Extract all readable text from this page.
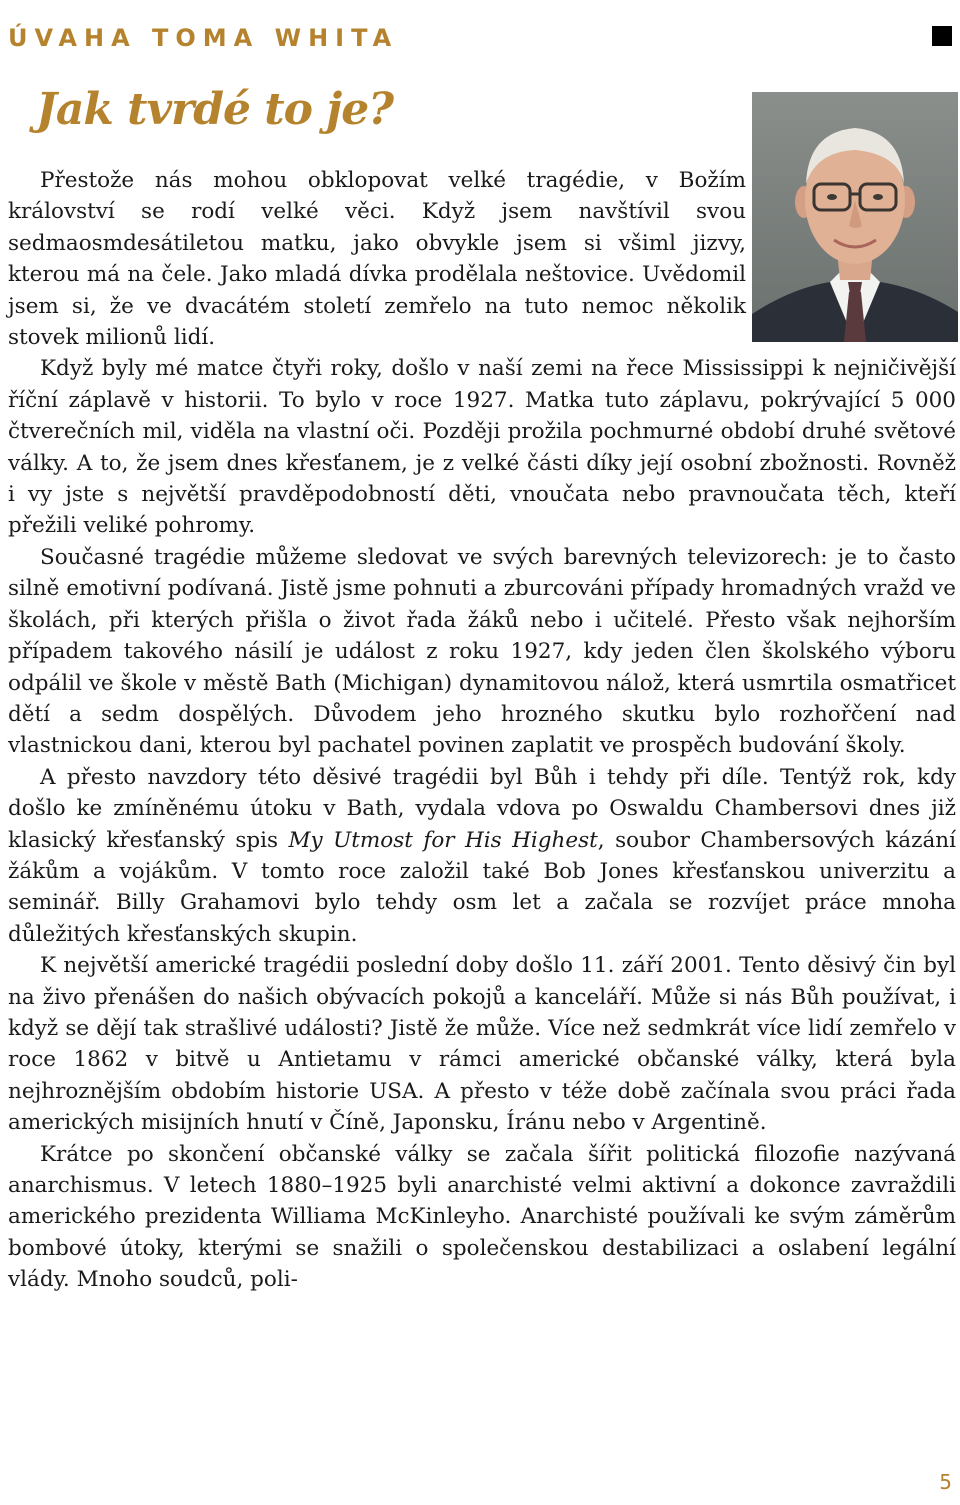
ÚVAHA TOMA WHITA
Jak tvrdé to je?

Přestože nás mohou obklopovat velké tragédie, v Božím království se rodí velké věci. Když jsem navštívil svou sedmaosmdesátiletou matku, jako obvykle jsem si všiml jizvy, kterou má na čele. Jako mladá dívka prodělala neštovice. Uvědomil jsem si, že ve dvacátém století zemřelo na tuto nemoc několik stovek milionů lidí.

Když byly mé matce čtyři roky, došlo v naší zemi na řece Mississippi k nejničivější říční záplavě v historii. To bylo v roce 1927. Matka tuto záplavu, pokrývající 5 000 čtverečních mil, viděla na vlastní oči. Později prožila pochmurné období druhé světové války. A to, že jsem dnes křesťanem, je z velké části díky její osobní zbožnosti. Rovněž i vy jste s největší pravděpodobností děti, vnoučata nebo pravnoučata těch, kteří přežili veliké pohromy.

Současné tragédie můžeme sledovat ve svých barevných televizorech: je to často silně emotivní podívaná. Jistě jsme pohnuti a zburcováni případy hromadných vražd ve školách, při kterých přišla o život řada žáků nebo i učitelé. Přesto však nejhorším případem takového násilí je událost z roku 1927, kdy jeden člen školského výboru odpálil ve škole v městě Bath (Michigan) dynamitovou nálož, která usmrtila osmatřicet dětí a sedm dospělých. Důvodem jeho hrozného skutku bylo rozhořčení nad vlastnickou dani, kterou byl pachatel povinen zaplatit ve prospěch budování školy.

A přesto navzdory této děsivé tragédii byl Bůh i tehdy při díle. Tentýž rok, kdy došlo ke zmíněnému útoku v Bath, vydala vdova po Oswaldu Chambersovi dnes již klasický křesťanský spis My Utmost for His Highest, soubor Chambersových kázání žákům a vojákům. V tomto roce založil také Bob Jones křesťanskou univerzitu a seminář. Billy Grahamovi bylo tehdy osm let a začala se rozvíjet práce mnoha důležitých křesťanských skupin.

K největší americké tragédii poslední doby došlo 11. září 2001. Tento děsivý čin byl na živo přenášen do našich obývacích pokojů a kanceláří. Může si nás Bůh používat, i když se dějí tak strašlivé události? Jistě že může. Více než sedmkrát více lidí zemřelo v roce 1862 v bitvě u Antietamu v rámci americké občanské války, která byla nejhroznějším obdobím historie USA. A přesto v téže době začínala svou práci řada amerických misijních hnutí v Číně, Japonsku, Íránu nebo v Argentině.

Krátce po skončení občanské války se začala šířit politická filozofie nazývaná anarchismus. V letech 1880–1925 byli anarchisté velmi aktivní a dokonce zavraždili amerického prezidenta Williama McKinleyho. Anarchisté používali ke svým záměrům bombové útoky, kterými se snažili o společenskou destabilizaci a oslabení legální vlády. Mnoho soudců, poli-

5
